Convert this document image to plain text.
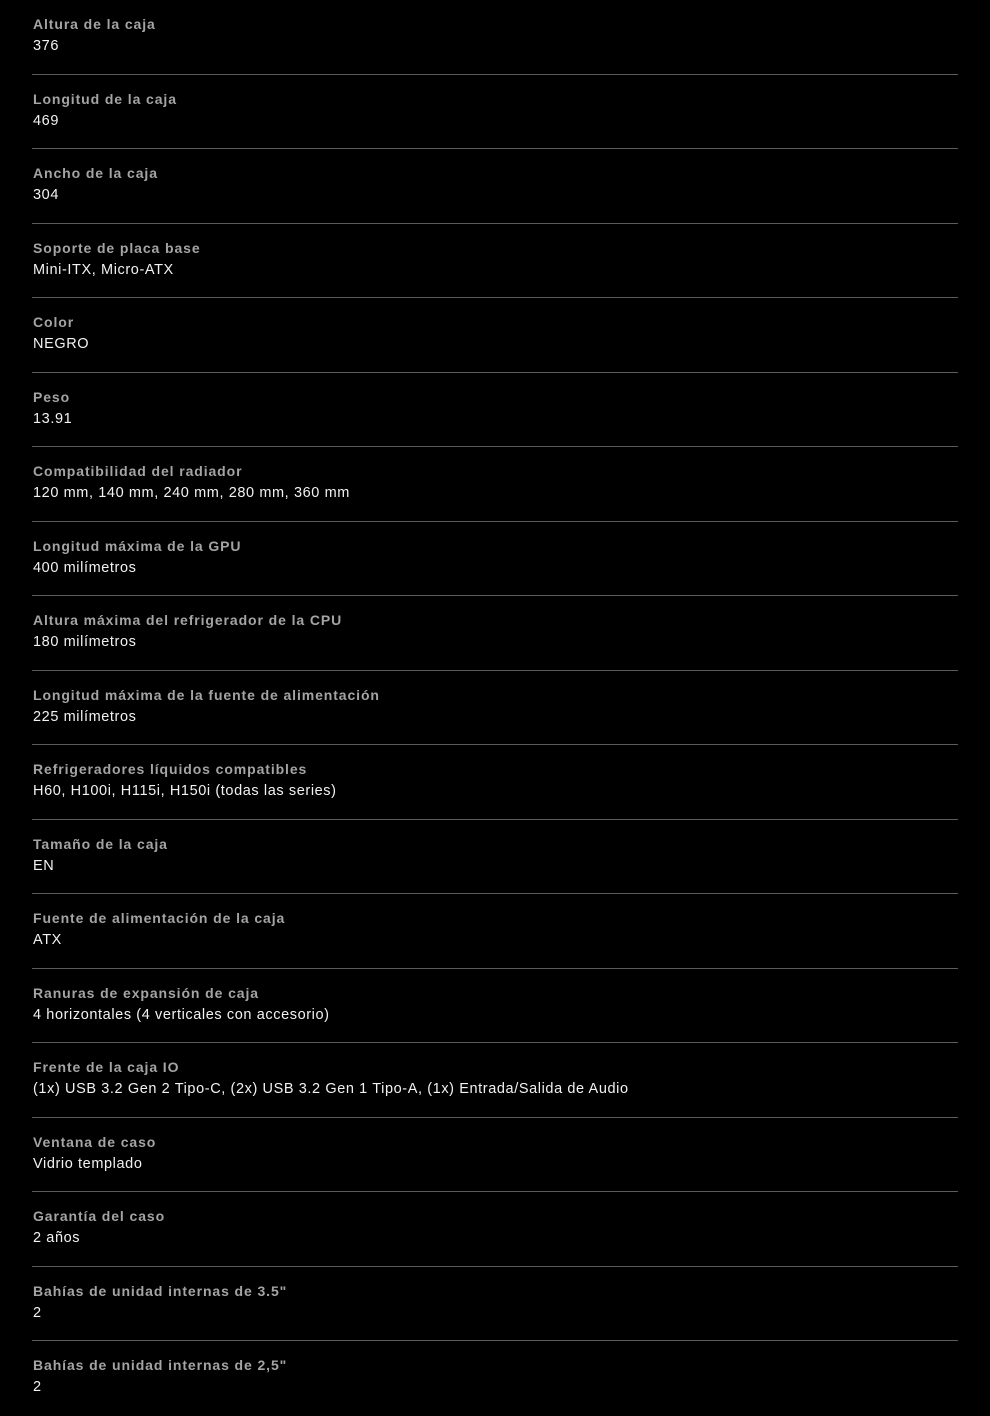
Altura de la caja
376
Longitud de la caja
469
Ancho de la caja
304
Soporte de placa base
Mini-ITX, Micro-ATX
Color
NEGRO
Peso
13.91
Compatibilidad del radiador
120 mm, 140 mm, 240 mm, 280 mm, 360 mm
Longitud máxima de la GPU
400 milímetros
Altura máxima del refrigerador de la CPU
180 milímetros
Longitud máxima de la fuente de alimentación
225 milímetros
Refrigeradores líquidos compatibles
H60, H100i, H115i, H150i (todas las series)
Tamaño de la caja
EN
Fuente de alimentación de la caja
ATX
Ranuras de expansión de caja
4 horizontales (4 verticales con accesorio)
Frente de la caja IO
(1x) USB 3.2 Gen 2 Tipo-C, (2x) USB 3.2 Gen 1 Tipo-A, (1x) Entrada/Salida de Audio
Ventana de caso
Vidrio templado
Garantía del caso
2 años
Bahías de unidad internas de 3.5"
2
Bahías de unidad internas de 2,5"
2
